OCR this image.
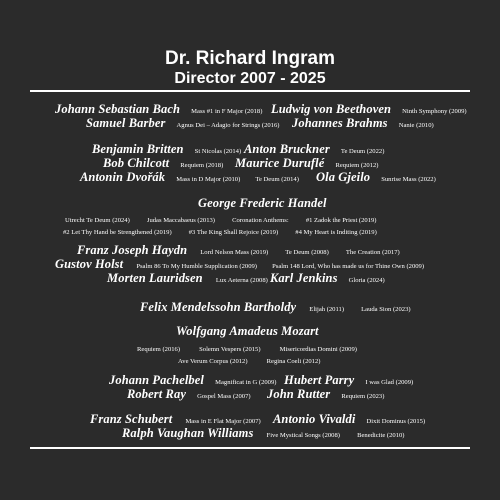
Dr. Richard Ingram
Director 2007 - 2025
Johann Sebastian Bach Mass #1 in F Major (2018) Ludwig von Beethoven Ninth Symphony (2009)
Samuel Barber Agnus Dei – Adagio for Strings (2016) Johannes Brahms Nanie (2010)
Benjamin Britten St Nicolas (2014) Anton Bruckner Te Deum (2022)
Bob Chilcott Requiem (2018) Maurice Duruflé Requiem (2012)
Antonin Dvořák Mass in D Major (2010) Te Deum (2014) Ola Gjeilo Sunrise Mass (2022)
George Frederic Handel
Utrecht Te Deum (2024)	Judas Maccabaeus (2013)	Coronation Anthems:	#1 Zadok the Priest (2019)
#2 Let Thy Hand be Strengthened (2019)	#3 The King Shall Rejoice (2019)	#4 My Heart is Inditing (2019)
Franz Joseph Haydn Lord Nelson Mass (2019)	Te Deum (2008)	The Creation (2017)
Gustov Holst Psalm 86 To My Humble Supplication (2009) Psalm 148 Lord, Who has made us for Thine Own (2009)
Morten Lauridsen Lux Aeterna (2008) Karl Jenkins Gloria (2024)
Felix Mendelssohn Bartholdy Elijah (2011)	Lauda Sion (2023)
Wolfgang Amadeus Mozart
Requiem (2016)	Solemn Vespers (2015)	Misericordias Domini (2009)
Ave Verum Corpus (2012)	Regina Coeli (2012)
Johann Pachelbel Magnificat in G (2009) Hubert Parry I was Glad (2009)
Robert Ray Gospel Mass (2007) John Rutter Requiem (2023)
Franz Schubert Mass in E Flat Major (2007) Antonio Vivaldi Dixit Dominus (2015)
Ralph Vaughan Williams Five Mystical Songs (2008)	Benedicite (2010)
